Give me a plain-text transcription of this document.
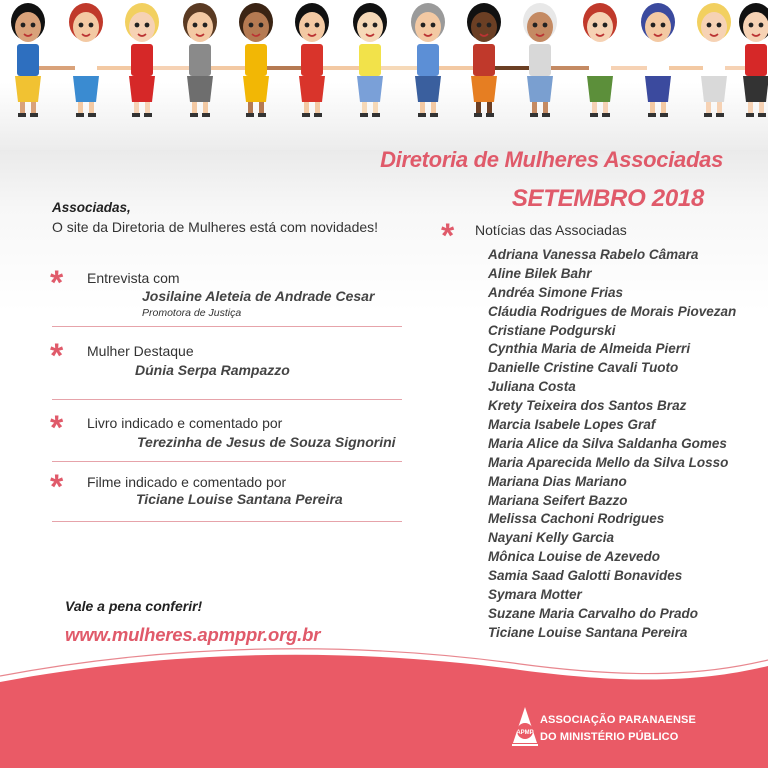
Diretoria de Mulheres Associadas
SETEMBRO 2018
Associadas,
O site da Diretoria de Mulheres está com novidades!
* Entrevista com
Josilaine Aleteia de Andrade Cesar
Promotora de Justiça
* Mulher Destaque
Dúnia Serpa Rampazzo
* Livro indicado e comentado por
Terezinha de Jesus de Souza Signorini
* Filme indicado e comentado por
Ticiane Louise Santana Pereira
* Notícias das Associadas
Adriana Vanessa Rabelo Câmara
Aline Bilek Bahr
Andréa Simone Frias
Cláudia Rodrigues de Morais Piovezan
Cristiane Podgurski
Cynthia Maria de Almeida Pierri
Danielle Cristine Cavali Tuoto
Juliana Costa
Krety Teixeira dos Santos Braz
Marcia Isabele Lopes Graf
Maria Alice da Silva Saldanha Gomes
Maria Aparecida Mello da Silva Losso
Mariana Dias Mariano
Mariana Seifert Bazzo
Melissa Cachoni Rodrigues
Nayani Kelly Garcia
Mônica Louise de Azevedo
Samia Saad Galotti Bonavides
Symara Motter
Suzane Maria Carvalho do Prado
Ticiane Louise Santana Pereira
Vale a pena conferir!
www.mulheres.apmppr.org.br
APMP
ASSOCIAÇÃO PARANAENSE
DO MINISTÉRIO PÚBLICO
